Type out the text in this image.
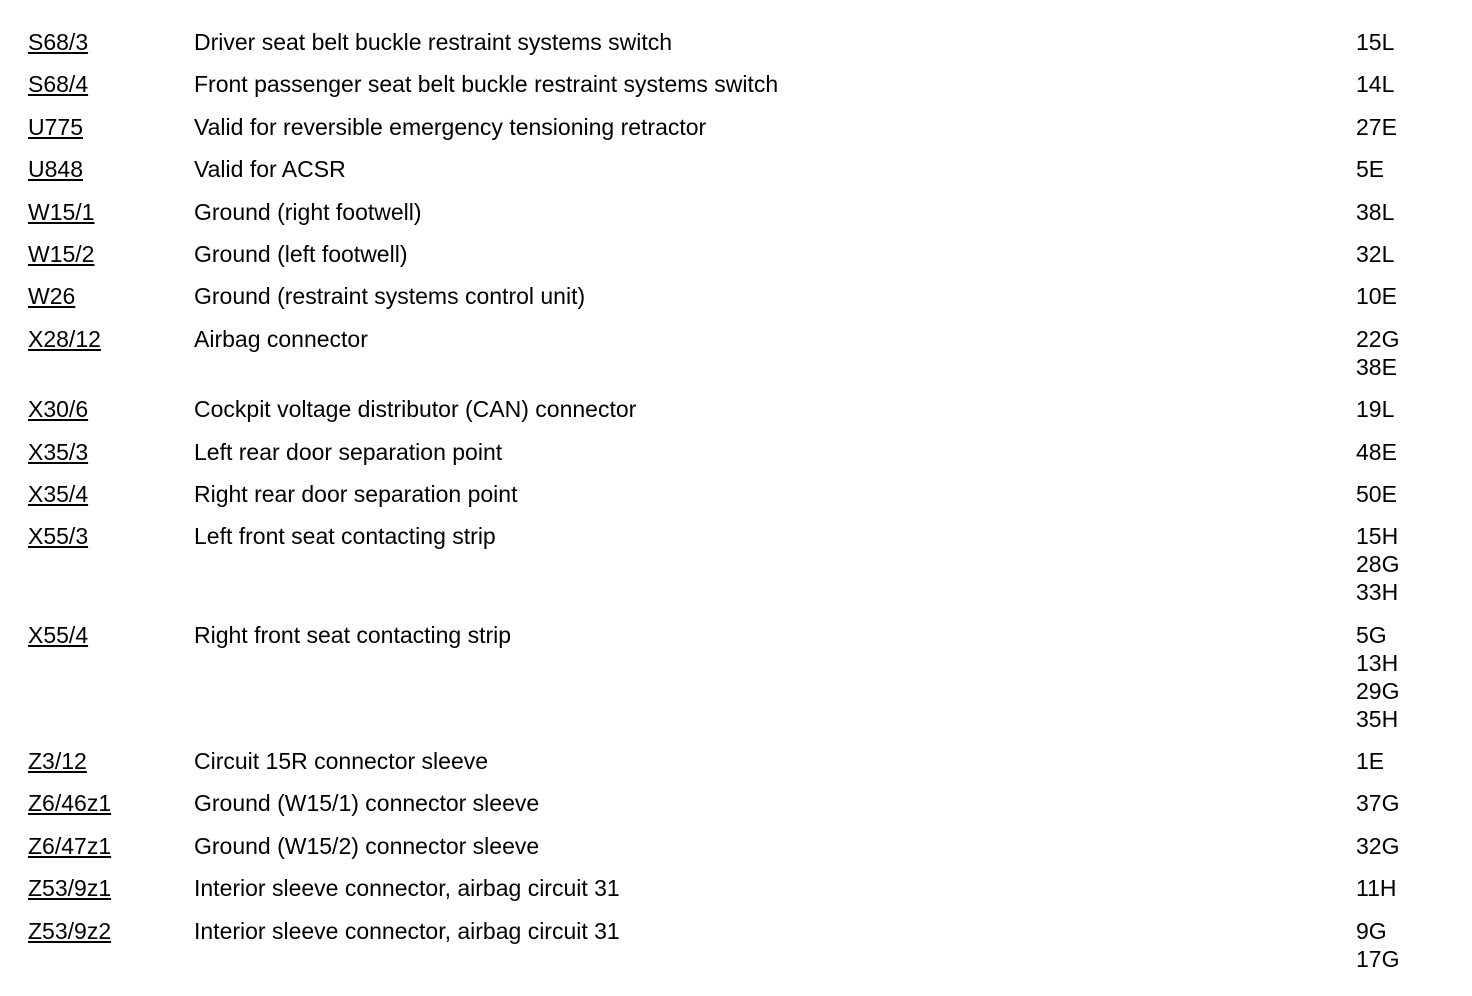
S68/3	Driver seat belt buckle restraint systems switch	15L
S68/4	Front passenger seat belt buckle restraint systems switch	14L
U775	Valid for reversible emergency tensioning retractor	27E
U848	Valid for ACSR	5E
W15/1	Ground (right footwell)	38L
W15/2	Ground (left footwell)	32L
W26	Ground (restraint systems control unit)	10E
X28/12	Airbag connector	22G
38E
X30/6	Cockpit voltage distributor (CAN) connector	19L
X35/3	Left rear door separation point	48E
X35/4	Right rear door separation point	50E
X55/3	Left front seat contacting strip	15H
28G
33H
X55/4	Right front seat contacting strip	5G
13H
29G
35H
Z3/12	Circuit 15R connector sleeve	1E
Z6/46z1	Ground (W15/1) connector sleeve	37G
Z6/47z1	Ground (W15/2) connector sleeve	32G
Z53/9z1	Interior sleeve connector, airbag circuit 31	11H
Z53/9z2	Interior sleeve connector, airbag circuit 31	9G
17G
